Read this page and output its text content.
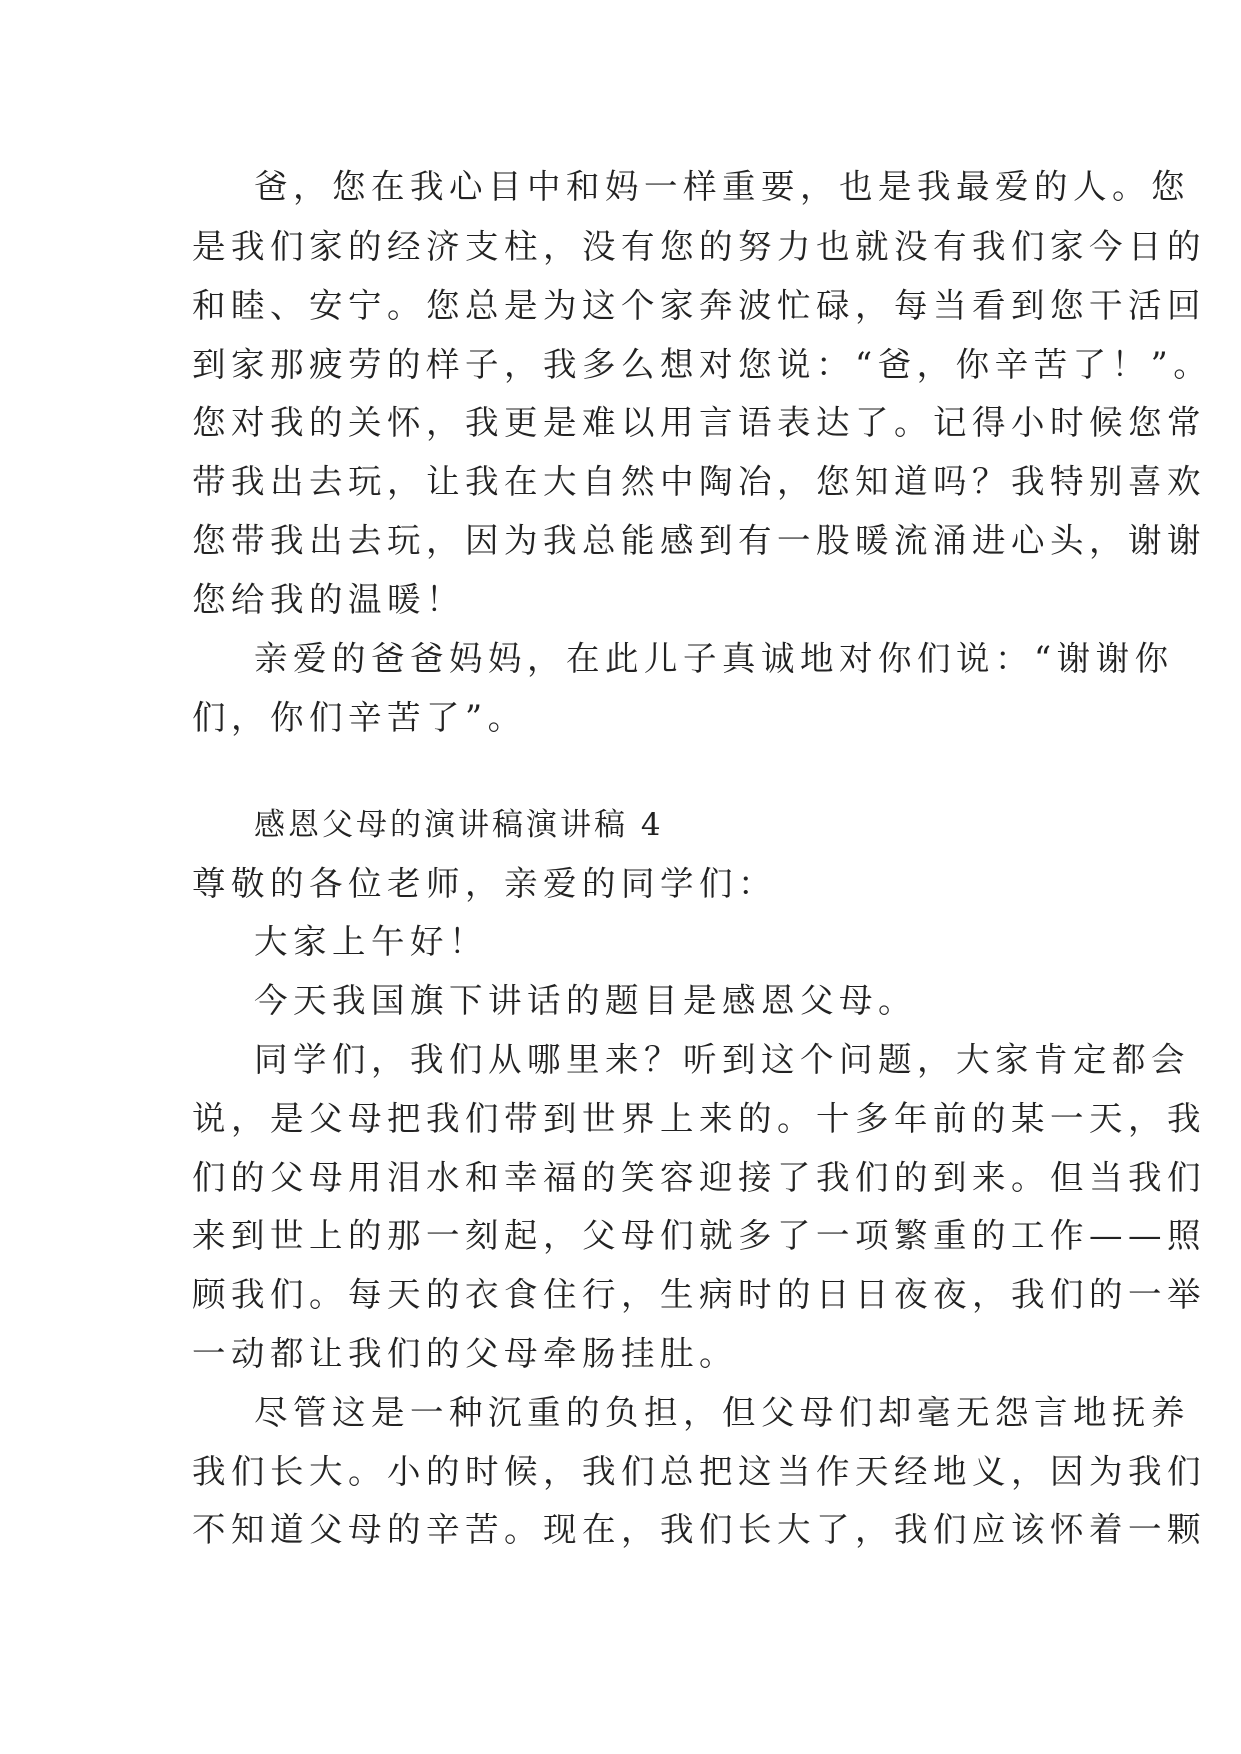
爸，您在我心目中和妈一样重要，也是我最爱的人。您
是我们家的经济支柱，没有您的努力也就没有我们家今日的
和睦、安宁。您总是为这个家奔波忙碌，每当看到您干活回
到家那疲劳的样子，我多么想对您说：“爸，你辛苦了！”。
您对我的关怀，我更是难以用言语表达了。记得小时候您常
带我出去玩，让我在大自然中陶冶，您知道吗？我特别喜欢
您带我出去玩，因为我总能感到有一股暖流涌进心头，谢谢
您给我的温暖！
亲爱的爸爸妈妈，在此儿子真诚地对你们说：“谢谢你
们，你们辛苦了”。
感恩父母的演讲稿演讲稿 4
尊敬的各位老师，亲爱的同学们：
大家上午好！
今天我国旗下讲话的题目是感恩父母。
同学们，我们从哪里来？听到这个问题，大家肯定都会
说，是父母把我们带到世界上来的。十多年前的某一天，我
们的父母用泪水和幸福的笑容迎接了我们的到来。但当我们
来到世上的那一刻起，父母们就多了一项繁重的工作——照
顾我们。每天的衣食住行，生病时的日日夜夜，我们的一举
一动都让我们的父母牵肠挂肚。
尽管这是一种沉重的负担，但父母们却毫无怨言地抚养
我们长大。小的时候，我们总把这当作天经地义，因为我们
不知道父母的辛苦。现在，我们长大了，我们应该怀着一颗
